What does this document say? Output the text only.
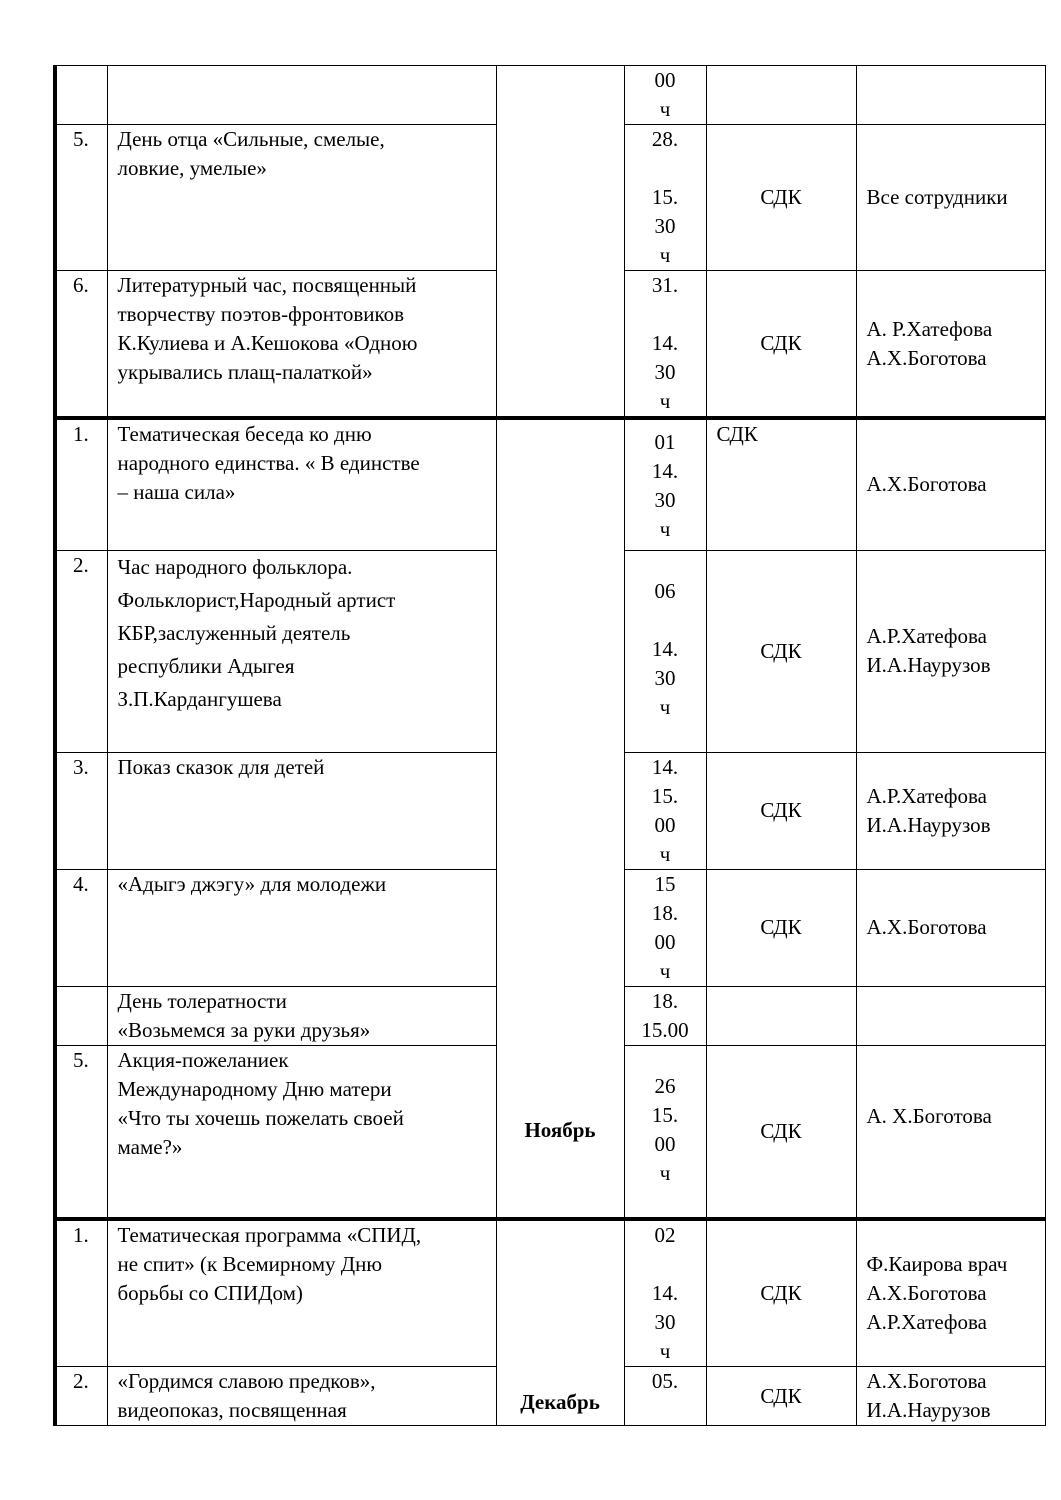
			00
ч		

5.	День отца «Сильные, смелые,
ловкие, умелые»		28.
15.
30
ч	СДК	Все сотрудники

6.	Литературный час, посвященный
творчеству поэтов-фронтовиков
К.Кулиева и А.Кешокова «Одною
укрывались плащ-палаткой»		31.
14.
30
ч	СДК	А. Р.Хатефова
А.Х.Боготова

1.	Тематическая беседа ко дню
народного единства. « В единстве
– наша сила»	Ноябрь	01
14.
30
ч	СДК	А.Х.Боготова

2.	Час народного фольклора.
Фольклорист,Народный артист
КБР,заслуженный деятель
республики Адыгея
З.П.Кардангушева		06
14.
30
ч	СДК	А.Р.Хатефова
И.А.Наурузов

3.	Показ сказок для детей		14.
15.
00
ч	СДК	А.Р.Хатефова
И.А.Наурузов

4.	«Адыгэ джэгу» для молодежи		15
18.
00
ч	СДК	А.Х.Боготова

	День толератности
«Возьмемся за руки друзья»		18.
15.00		

5.	Акция-пожеланиек
Международному Дню матери
«Что ты хочешь пожелать своей
маме?»		26
15.
00
ч	СДК	А. Х.Боготова

1.	Тематическая программа «СПИД,
не спит» (к Всемирному Дню
борьбы со СПИДом)	Декабрь	02
14.
30
ч	СДК	Ф.Каирова врач
А.Х.Боготова
А.Р.Хатефова

2.	«Гордимся славою предков»,
видеопоказ, посвященная		05.	СДК	А.Х.Боготова
И.А.Наурузов
